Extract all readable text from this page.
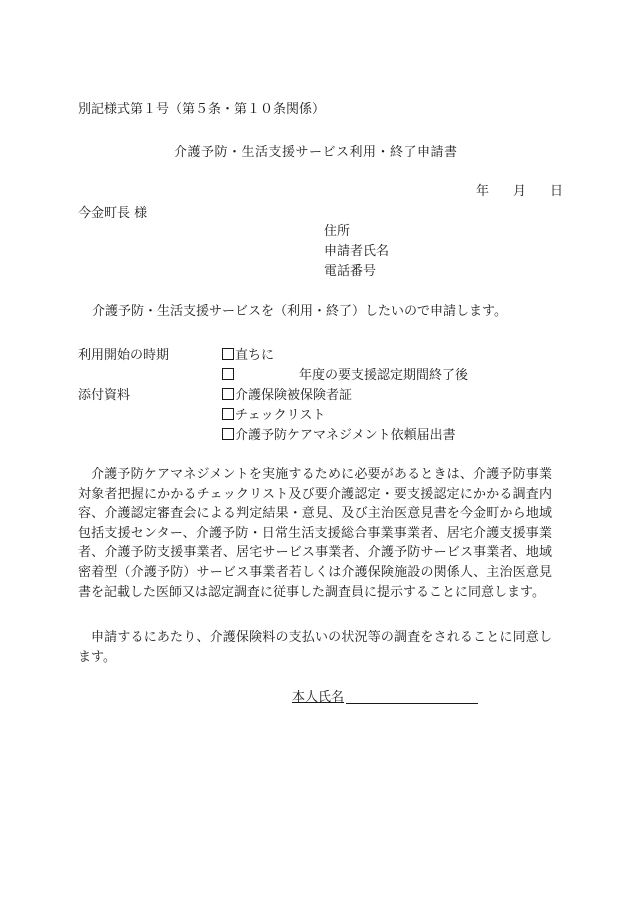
別記様式第１号（第５条・第１０条関係）
介護予防・生活支援サービス利用・終了申請書
年 月 日
今金町長 様
住所
申請者氏名
電話番号
介護予防・生活支援サービスを（利用・終了）したいので申請します。
利用開始の時期	直ちに
年度の要支援認定期間終了後
添付資料	介護保険被保険者証
チェックリスト
介護予防ケアマネジメント依頼届出書
介護予防ケアマネジメントを実施するために必要があるときは、介護予防事業対象者把握にかかるチェックリスト及び要介護認定・要支援認定にかかる調査内容、介護認定審査会による判定結果・意見、及び主治医意見書を今金町から地域包括支援センター、介護予防・日常生活支援総合事業事業者、居宅介護支援事業者、介護予防支援事業者、居宅サービス事業者、介護予防サービス事業者、地域密着型（介護予防）サービス事業者若しくは介護保険施設の関係人、主治医意見書を記載した医師又は認定調査に従事した調査員に提示することに同意します。
申請するにあたり、介護保険料の支払いの状況等の調査をされることに同意します。
本人氏名
